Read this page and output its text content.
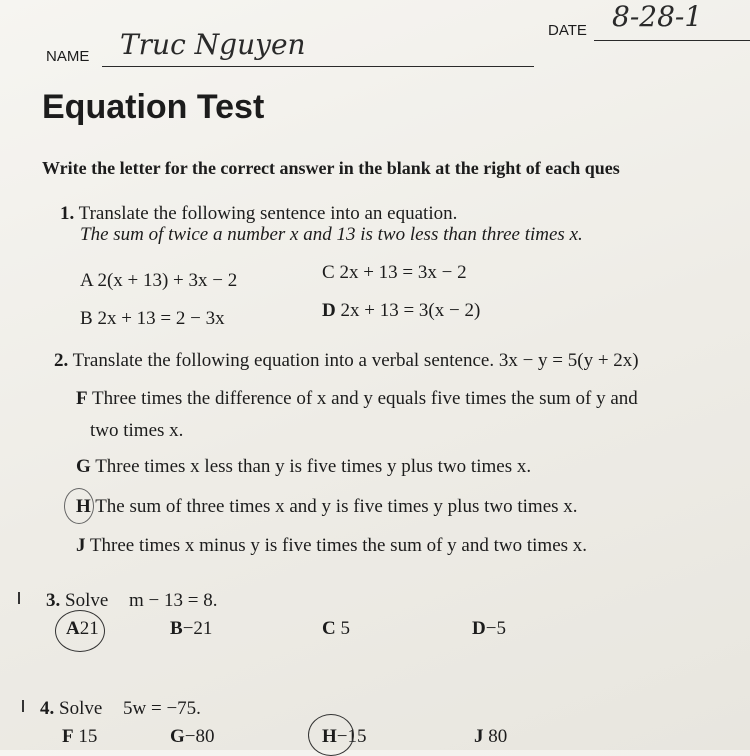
NAME Truc Nguyen	DATE 8-28-1
Equation Test
Write the letter for the correct answer in the blank at the right of each ques
1. Translate the following sentence into an equation.
The sum of twice a number x and 13 is two less than three times x.
A 2(x + 13) + 3x − 2
B 2x + 13 = 2 − 3x
C 2x + 13 = 3x − 2
D 2x + 13 = 3(x − 2)
2. Translate the following equation into a verbal sentence. 3x − y = 5(y + 2x)
F Three times the difference of x and y equals five times the sum of y and
two times x.
G Three times x less than y is five times y plus two times x.
H The sum of three times x and y is five times y plus two times x.
J Three times x minus y is five times the sum of y and two times x.
3. Solve m − 13 = 8.
A21	B−21	C 5	D−5
4. Solve 5w = −75.
F 15	G−80	H−15	J 80
